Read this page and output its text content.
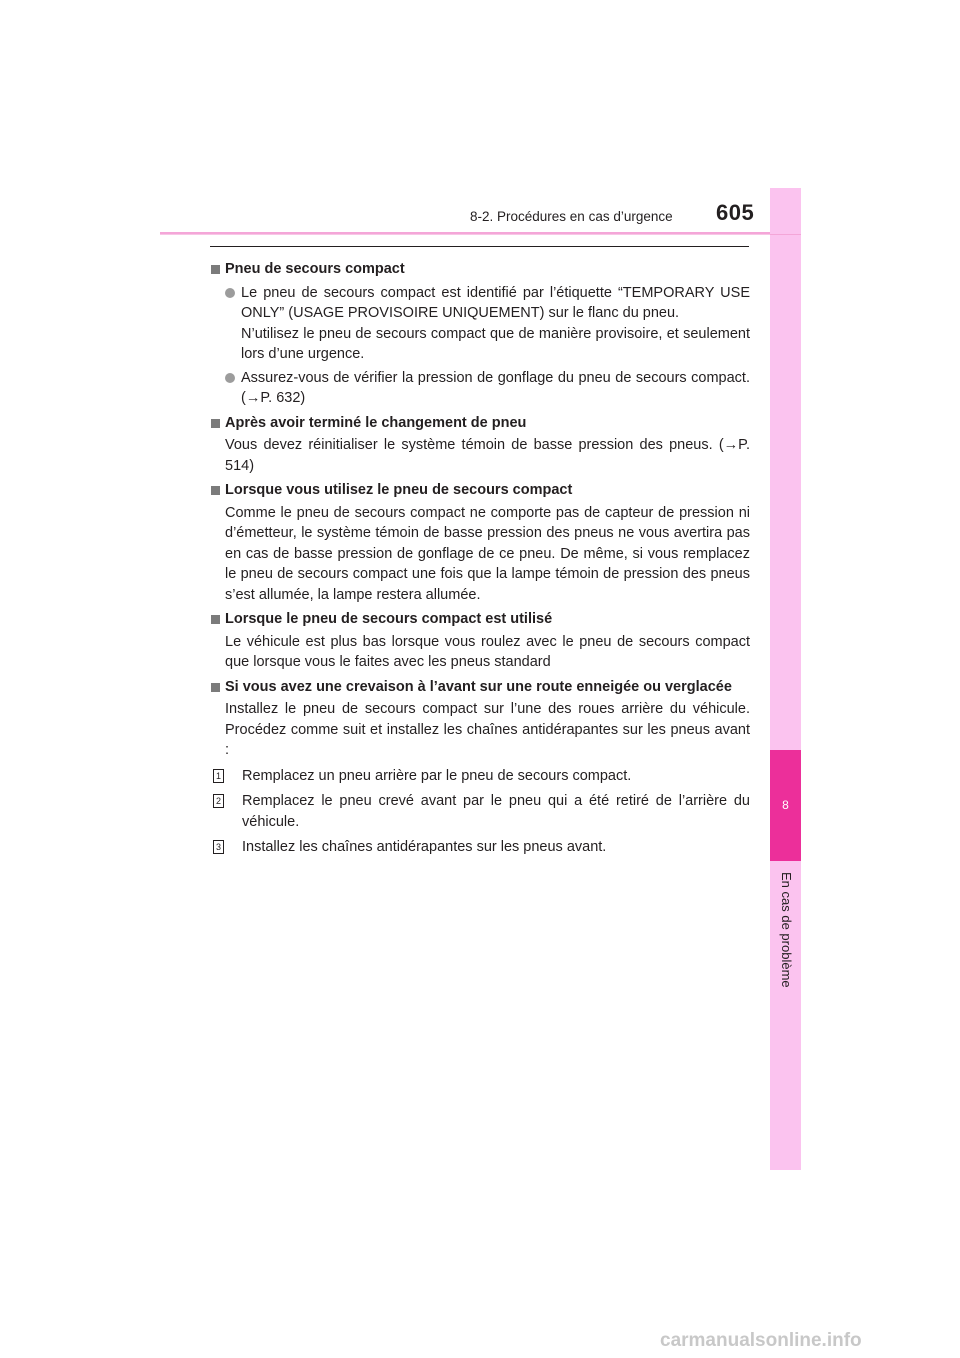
8
En cas de problème
8-2. Procédures en cas d’urgence 605
Pneu de secours compact
Le pneu de secours compact est identifié par l’étiquette “TEMPORARY USE ONLY” (USAGE PROVISOIRE UNIQUEMENT) sur le flanc du pneu.
N’utilisez le pneu de secours compact que de manière provisoire, et seulement lors d’une urgence.
Assurez-vous de vérifier la pression de gonflage du pneu de secours compact. (→P. 632)
Après avoir terminé le changement de pneu
Vous devez réinitialiser le système témoin de basse pression des pneus. (→P. 514)
Lorsque vous utilisez le pneu de secours compact
Comme le pneu de secours compact ne comporte pas de capteur de pression ni d’émetteur, le système témoin de basse pression des pneus ne vous avertira pas en cas de basse pression de gonflage de ce pneu. De même, si vous remplacez le pneu de secours compact une fois que la lampe témoin de pression des pneus s’est allumée, la lampe restera allumée.
Lorsque le pneu de secours compact est utilisé
Le véhicule est plus bas lorsque vous roulez avec le pneu de secours compact que lorsque vous le faites avec les pneus standard
Si vous avez une crevaison à l’avant sur une route enneigée ou verglacée
Installez le pneu de secours compact sur l’une des roues arrière du véhicule. Procédez comme suit et installez les chaînes antidérapantes sur les pneus avant :
1 Remplacez un pneu arrière par le pneu de secours compact.
2 Remplacez le pneu crevé avant par le pneu qui a été retiré de l’arrière du véhicule.
3 Installez les chaînes antidérapantes sur les pneus avant.
carmanualsonline.info
